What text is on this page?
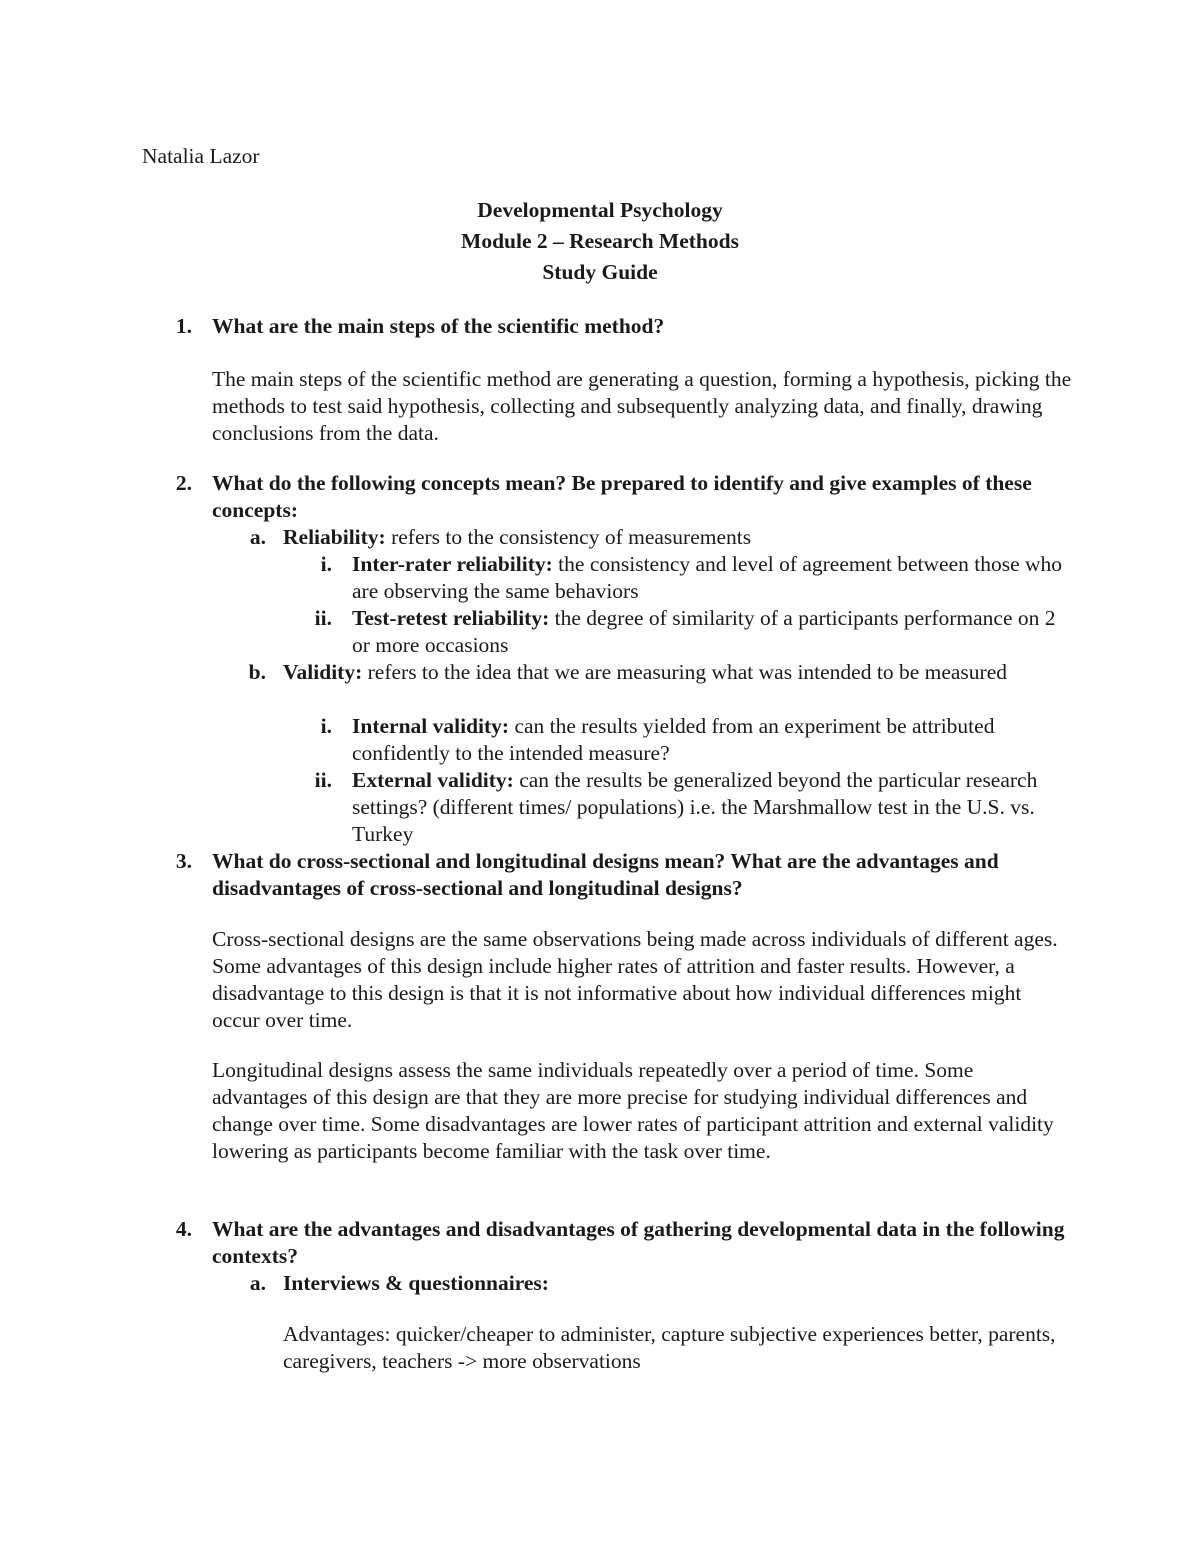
Natalia Lazor
Developmental Psychology
Module 2 – Research Methods
Study Guide
1. What are the main steps of the scientific method?
The main steps of the scientific method are generating a question, forming a hypothesis, picking the methods to test said hypothesis, collecting and subsequently analyzing data, and finally, drawing conclusions from the data.
2. What do the following concepts mean? Be prepared to identify and give examples of these concepts:
a. Reliability: refers to the consistency of measurements
i. Inter-rater reliability: the consistency and level of agreement between those who are observing the same behaviors
ii. Test-retest reliability: the degree of similarity of a participants performance on 2 or more occasions
b. Validity: refers to the idea that we are measuring what was intended to be measured
i. Internal validity: can the results yielded from an experiment be attributed confidently to the intended measure?
ii. External validity: can the results be generalized beyond the particular research settings? (different times/ populations) i.e. the Marshmallow test in the U.S. vs. Turkey
3. What do cross-sectional and longitudinal designs mean? What are the advantages and disadvantages of cross-sectional and longitudinal designs?
Cross-sectional designs are the same observations being made across individuals of different ages. Some advantages of this design include higher rates of attrition and faster results. However, a disadvantage to this design is that it is not informative about how individual differences might occur over time.
Longitudinal designs assess the same individuals repeatedly over a period of time. Some advantages of this design are that they are more precise for studying individual differences and change over time. Some disadvantages are lower rates of participant attrition and external validity lowering as participants become familiar with the task over time.
4. What are the advantages and disadvantages of gathering developmental data in the following contexts?
a. Interviews & questionnaires:
Advantages: quicker/cheaper to administer, capture subjective experiences better, parents, caregivers, teachers -> more observations
